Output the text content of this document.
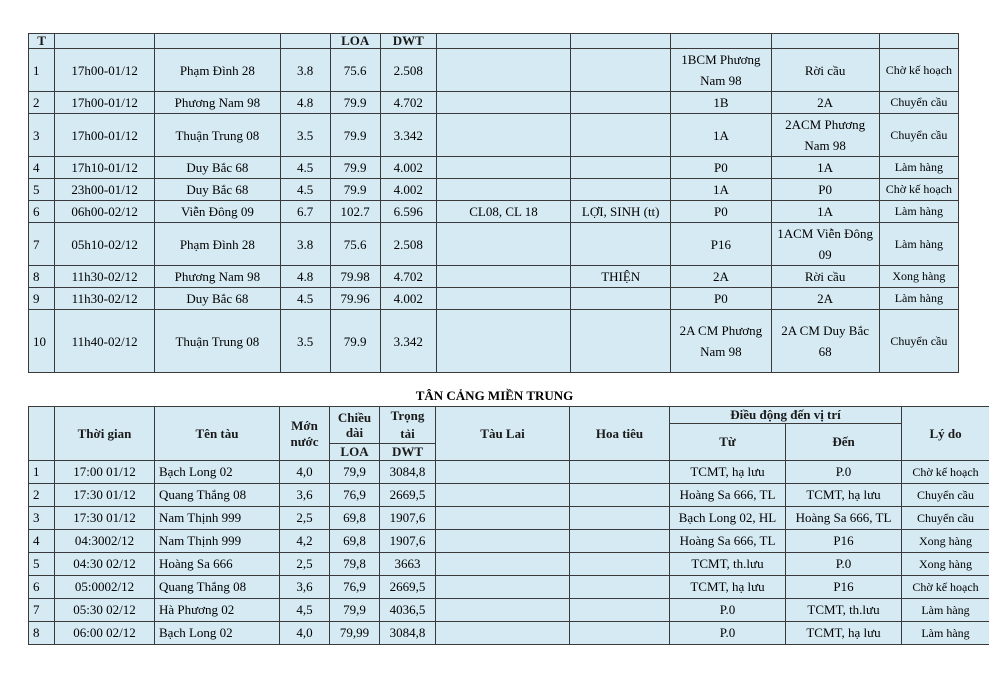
T				LOA	DWT					
1	17h00-01/12	Phạm Đình 28	3.8	75.6	2.508			1BCM Phương Nam 98	Rời cầu	Chờ kế hoạch
2	17h00-01/12	Phương Nam 98	4.8	79.9	4.702			1B	2A	Chuyển cầu
3	17h00-01/12	Thuận Trung 08	3.5	79.9	3.342			1A	2ACM Phương Nam 98	Chuyển cầu
4	17h10-01/12	Duy Bắc 68	4.5	79.9	4.002			P0	1A	Làm hàng
5	23h00-01/12	Duy Bắc 68	4.5	79.9	4.002			1A	P0	Chờ kế hoạch
6	06h00-02/12	Viễn Đông 09	6.7	102.7	6.596	CL08, CL 18	LỢI, SINH (tt)	P0	1A	Làm hàng
7	05h10-02/12	Phạm Đình 28	3.8	75.6	2.508			P16	1ACM Viễn Đông 09	Làm hàng
8	11h30-02/12	Phương Nam 98	4.8	79.98	4.702		THIỆN	2A	Rời cầu	Xong hàng
9	11h30-02/12	Duy Bắc 68	4.5	79.96	4.002			P0	2A	Làm hàng
10	11h40-02/12	Thuận Trung 08	3.5	79.9	3.342			2A CM Phương Nam 98	2A CM Duy Bắc 68	Chuyển cầu
TÂN CẢNG MIỀN TRUNG
	Thời gian	Tên tàu	Mớn nước	Chiều dài	Trọng tải	Tàu Lai	Hoa tiêu	Điều động đến vị trí		Lý do
								Từ	Đến	
				LOA	DWT					
1	17:00 01/12	Bạch Long 02	4,0	79,9	3084,8			TCMT, hạ lưu	P.0	Chờ kế hoạch
2	17:30 01/12	Quang Thắng 08	3,6	76,9	2669,5			Hoàng Sa 666, TL	TCMT, hạ lưu	Chuyển cầu
3	17:30 01/12	Nam Thịnh 999	2,5	69,8	1907,6			Bạch Long 02, HL	Hoàng Sa 666, TL	Chuyển cầu
4	04:3002/12	Nam Thịnh 999	4,2	69,8	1907,6			Hoàng Sa 666, TL	P16	Xong hàng
5	04:30 02/12	Hoàng Sa 666	2,5	79,8	3663			TCMT, th.lưu	P.0	Xong hàng
6	05:0002/12	Quang Thắng 08	3,6	76,9	2669,5			TCMT, hạ lưu	P16	Chờ kế hoạch
7	05:30 02/12	Hà Phương 02	4,5	79,9	4036,5			P.0	TCMT, th.lưu	Làm hàng
8	06:00 02/12	Bạch Long 02	4,0	79,99	3084,8			P.0	TCMT, hạ lưu	Làm hàng
